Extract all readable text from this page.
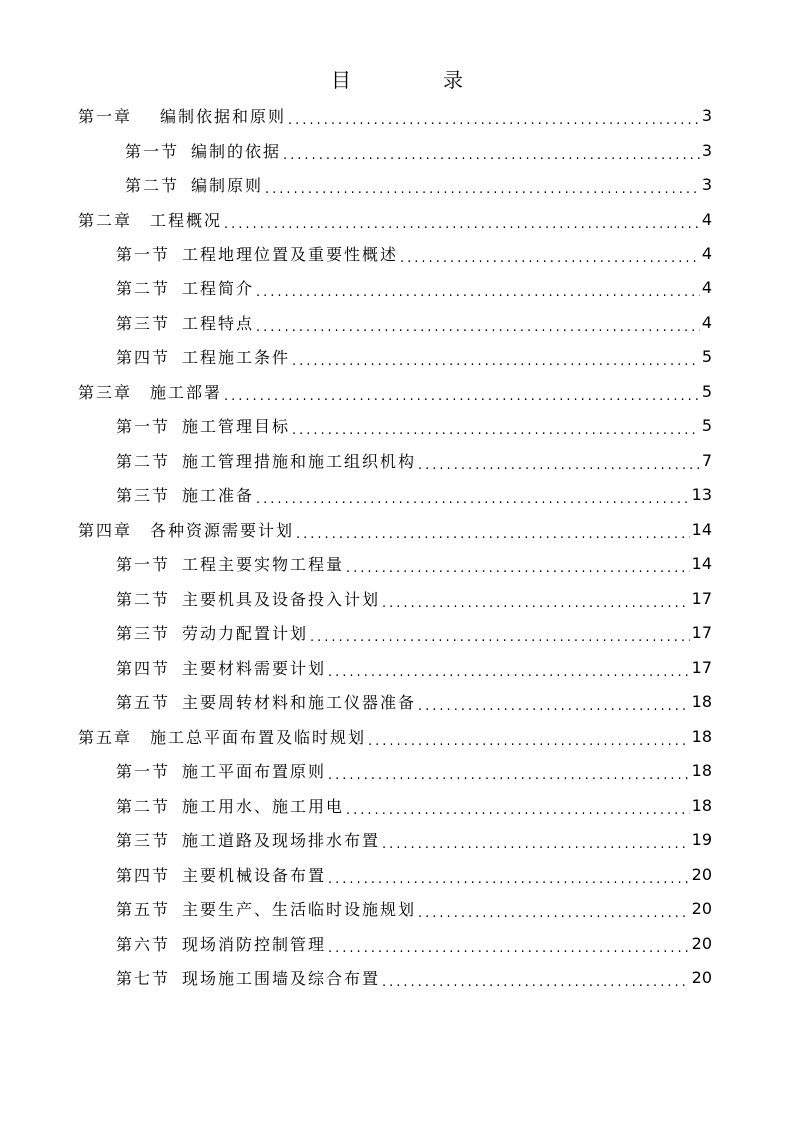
目	录
第一章 编制依据和原则 .....	3
第一节 编制的依据 .....	3
第二节 编制原则 .....	3
第二章 工程概况 .....	4
第一节 工程地理位置及重要性概述 .....	4
第二节 工程简介 .....	4
第三节 工程特点 .....	4
第四节 工程施工条件 .....	5
第三章 施工部署 .....	5
第一节 施工管理目标 .....	5
第二节 施工管理措施和施工组织机构 .....	7
第三节 施工准备 .....	13
第四章 各种资源需要计划 .....	14
第一节 工程主要实物工程量 .....	14
第二节 主要机具及设备投入计划 .....	17
第三节 劳动力配置计划 .....	17
第四节 主要材料需要计划 .....	17
第五节 主要周转材料和施工仪器准备 .....	18
第五章 施工总平面布置及临时规划 .....	18
第一节 施工平面布置原则 .....	18
第二节 施工用水、施工用电 .....	18
第三节 施工道路及现场排水布置 .....	19
第四节 主要机械设备布置 .....	20
第五节 主要生产、生活临时设施规划 .....	20
第六节 现场消防控制管理 .....	20
第七节 现场施工围墙及综合布置 .....	20
